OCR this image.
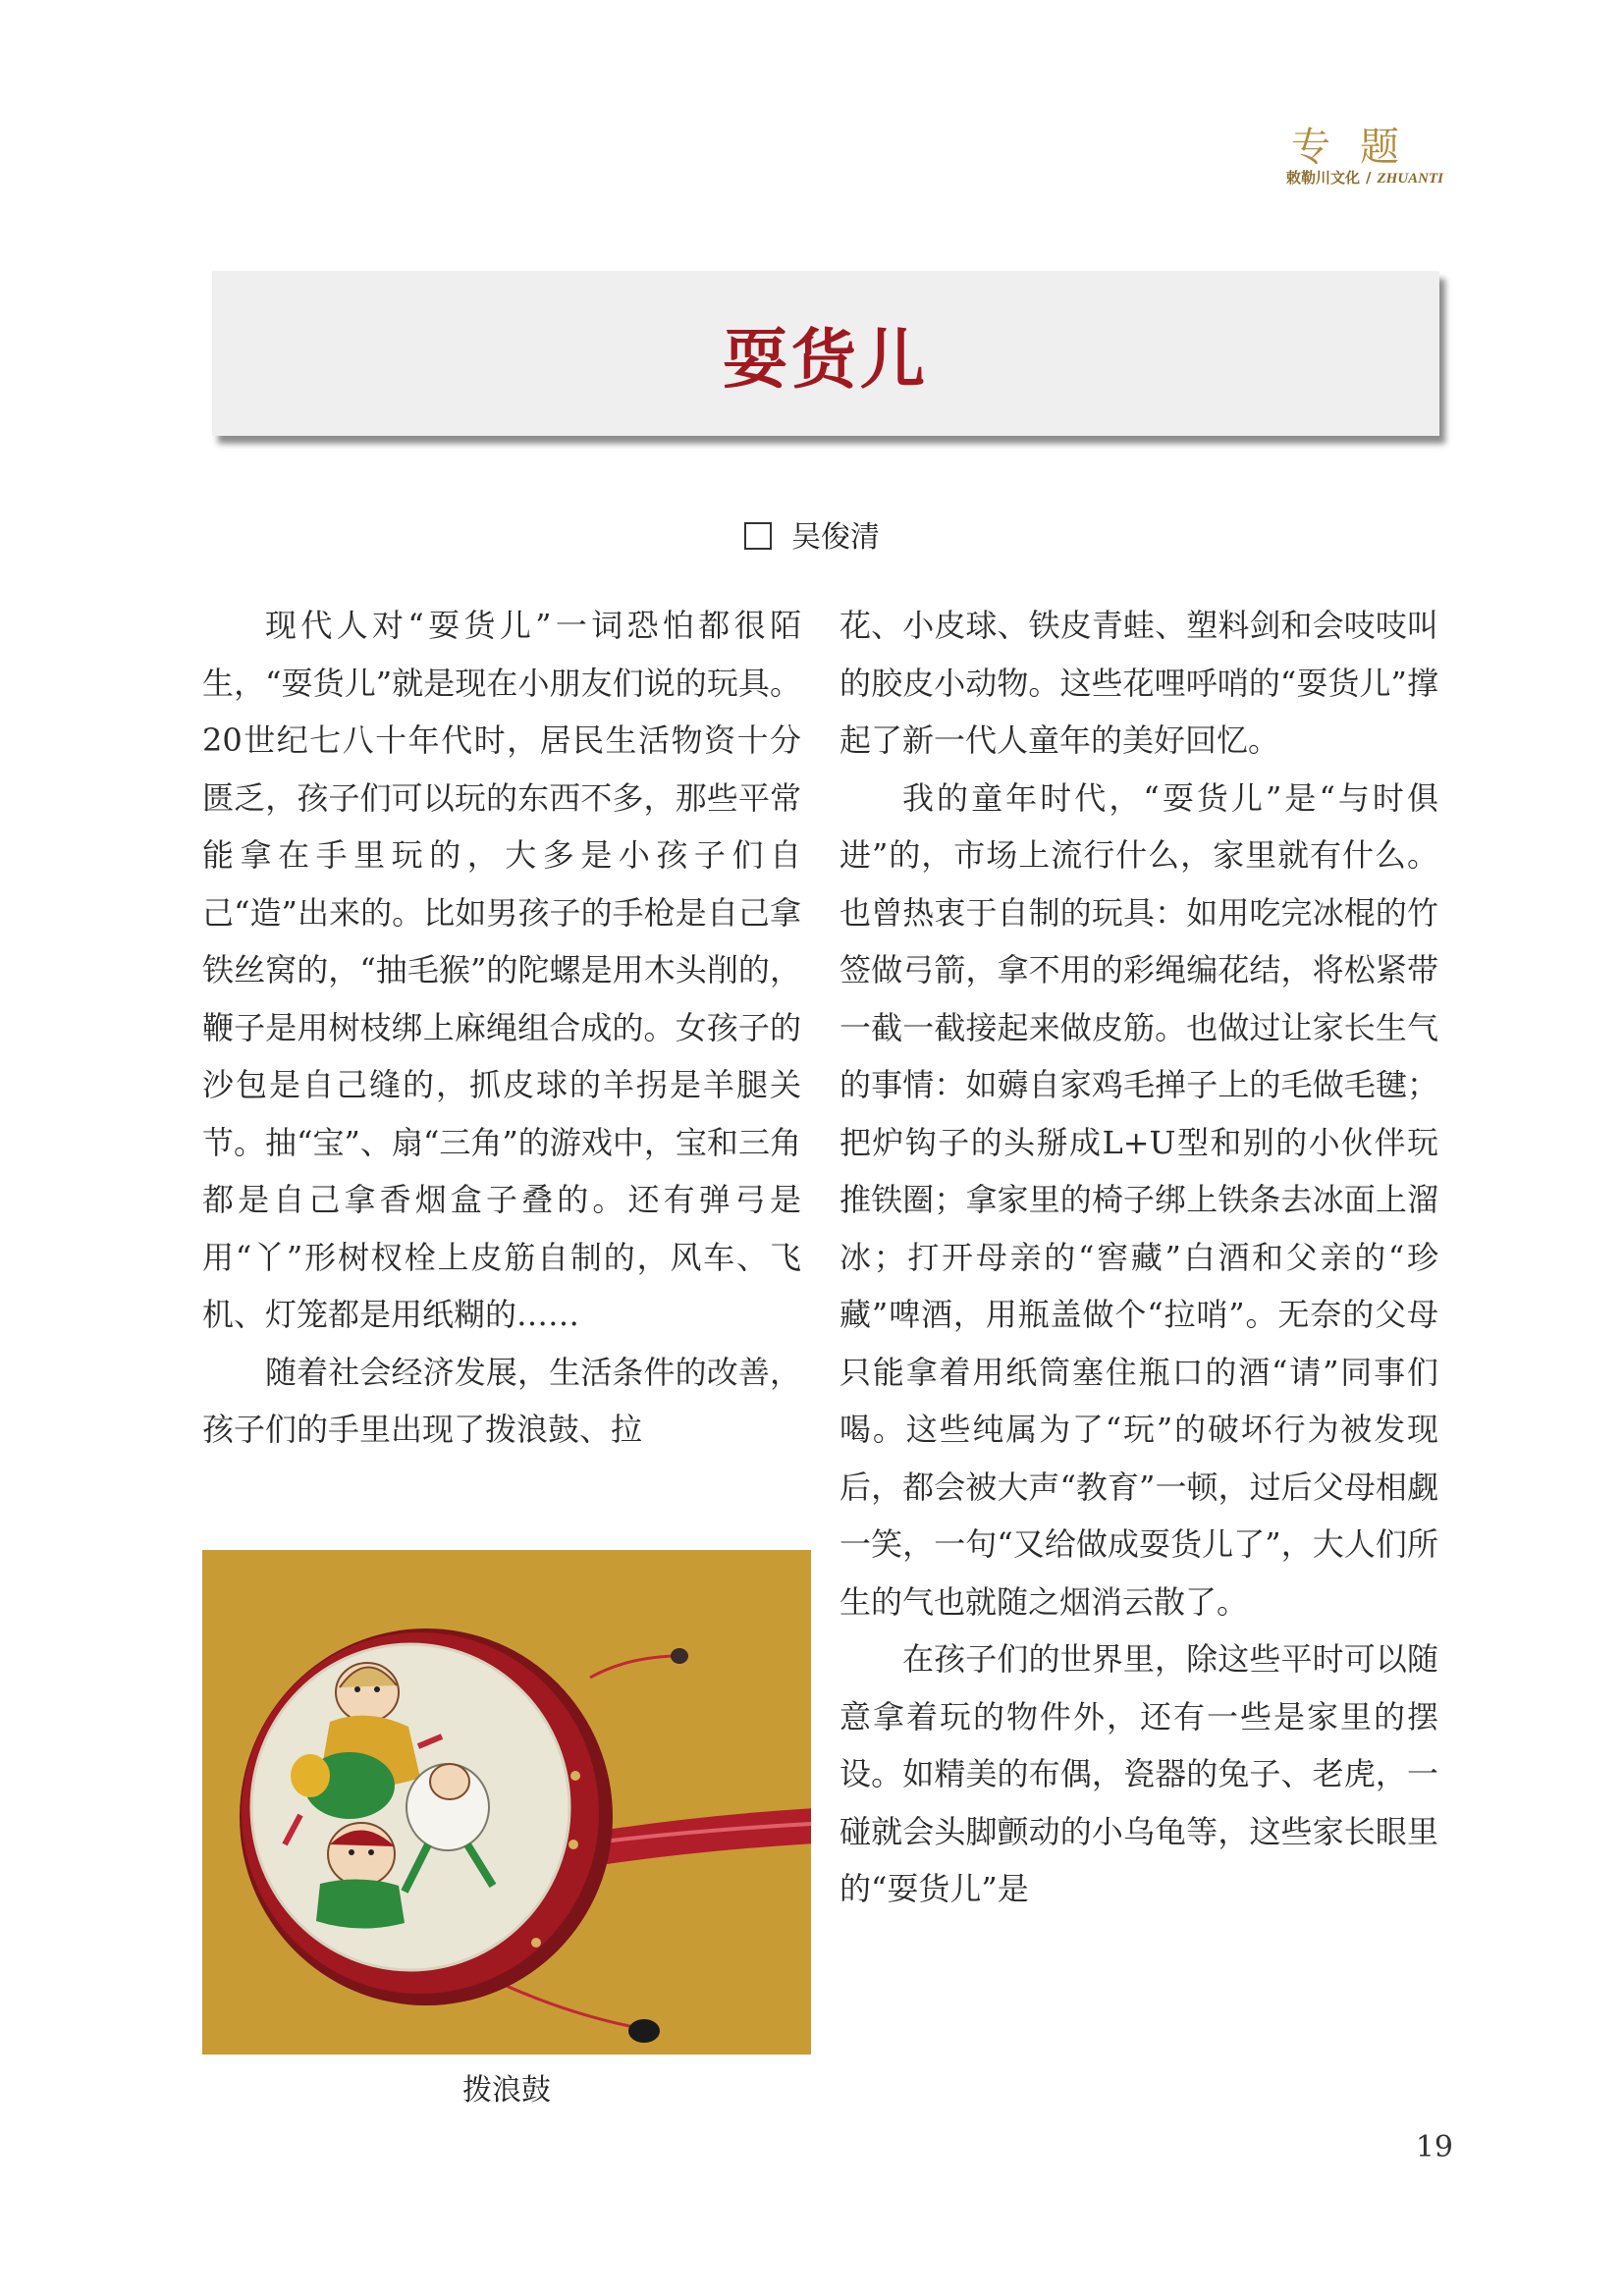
专题
敕勒川文化 / ZHUANTI
耍货儿
吴俊清

现代人对“耍货儿”一词恐怕都很陌生，“耍货儿”就是现在小朋友们说的玩具。20世纪七八十年代时，居民生活物资十分匮乏，孩子们可以玩的东西不多，那些平常能拿在手里玩的，大多是小孩子们自己“造”出来的。比如男孩子的手枪是自己拿铁丝窝的，“抽毛猴”的陀螺是用木头削的，鞭子是用树枝绑上麻绳组合成的。女孩子的沙包是自己缝的，抓皮球的羊拐是羊腿关节。抽“宝”、扇“三角”的游戏中，宝和三角都是自己拿香烟盒子叠的。还有弹弓是用“丫”形树杈栓上皮筋自制的，风车、飞机、灯笼都是用纸糊的……

随着社会经济发展，生活条件的改善，孩子们的手里出现了拨浪鼓、拉

拨浪鼓

花、小皮球、铁皮青蛙、塑料剑和会吱吱叫的胶皮小动物。这些花哩呼哨的“耍货儿”撑起了新一代人童年的美好回忆。

我的童年时代，“耍货儿”是“与时俱进”的，市场上流行什么，家里就有什么。也曾热衷于自制的玩具：如用吃完冰棍的竹签做弓箭，拿不用的彩绳编花结，将松紧带一截一截接起来做皮筋。也做过让家长生气的事情：如薅自家鸡毛掸子上的毛做毛毽；把炉钩子的头掰成L+U型和别的小伙伴玩推铁圈；拿家里的椅子绑上铁条去冰面上溜冰；打开母亲的“窖藏”白酒和父亲的“珍藏”啤酒，用瓶盖做个“拉哨”。无奈的父母只能拿着用纸筒塞住瓶口的酒“请”同事们喝。这些纯属为了“玩”的破坏行为被发现后，都会被大声“教育”一顿，过后父母相觑一笑，一句“又给做成耍货儿了”，大人们所生的气也就随之烟消云散了。

在孩子们的世界里，除这些平时可以随意拿着玩的物件外，还有一些是家里的摆设。如精美的布偶，瓷器的兔子、老虎，一碰就会头脚颤动的小乌龟等，这些家长眼里的“耍货儿”是

19
